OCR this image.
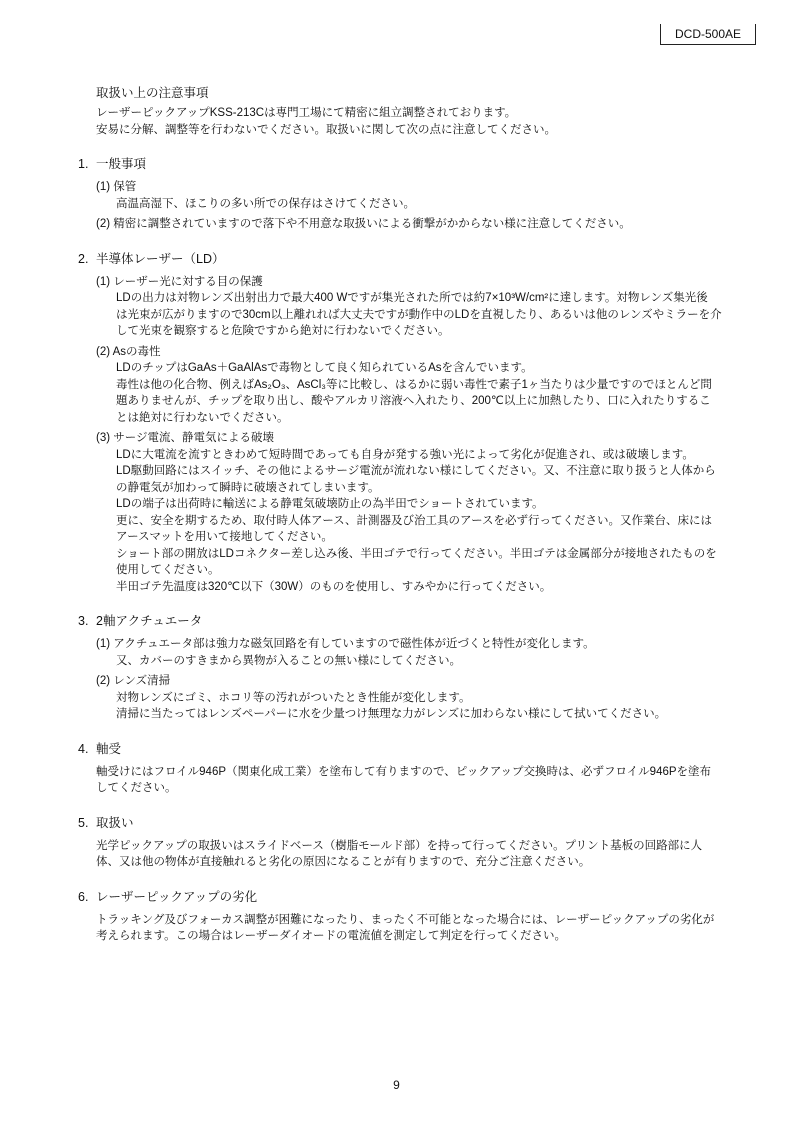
DCD-500AE
取扱い上の注意事項
レーザーピックアップKSS-213Cは専門工場にて精密に組立調整されております。
安易に分解、調整等を行わないでください。取扱いに関して次の点に注意してください。
1. 一般事項
(1) 保管
高温高湿下、ほこりの多い所での保存はさけてください。
(2) 精密に調整されていますので落下や不用意な取扱いによる衝撃がかからない様に注意してください。
2. 半導体レーザー（LD）
(1) レーザー光に対する目の保護
LDの出力は対物レンズ出射出力で最大400 Wですが集光された所では約7×10³W/cm²に達します。対物レンズ集光後
は光束が広がりますので30cm以上離れれば大丈夫ですが動作中のLDを直視したり、あるいは他のレンズやミラーを介
して光束を観察すると危険ですから絶対に行わないでください。
(2) Asの毒性
LDのチップはGaAs＋GaAlAsで毒物として良く知られているAsを含んでいます。
毒性は他の化合物、例えばAs₂O₃、AsCl₃等に比較し、はるかに弱い毒性で素子1ヶ当たりは少量ですのでほとんど問
題ありませんが、チップを取り出し、酸やアルカリ溶液へ入れたり、200℃以上に加熱したり、口に入れたりするこ
とは絶対に行わないでください。
(3) サージ電流、静電気による破壊
LDに大電流を流すときわめて短時間であっても自身が発する強い光によって劣化が促進され、或は破壊します。
LD駆動回路にはスイッチ、その他によるサージ電流が流れない様にしてください。又、不注意に取り扱うと人体から
の静電気が加わって瞬時に破壊されてしまいます。
LDの端子は出荷時に輸送による静電気破壊防止の為半田でショートされています。
更に、安全を期するため、取付時人体アース、計測器及び治工具のアースを必ず行ってください。又作業台、床には
アースマットを用いて接地してください。
ショート部の開放はLDコネクター差し込み後、半田ゴテで行ってください。半田ゴテは金属部分が接地されたものを
使用してください。
半田ゴテ先温度は320℃以下（30W）のものを使用し、すみやかに行ってください。
3. 2軸アクチュエータ
(1) アクチュエータ部は強力な磁気回路を有していますので磁性体が近づくと特性が変化します。
又、カバーのすきまから異物が入ることの無い様にしてください。
(2) レンズ清掃
対物レンズにゴミ、ホコリ等の汚れがついたとき性能が変化します。
清掃に当たってはレンズペーパーに水を少量つけ無理な力がレンズに加わらない様にして拭いてください。
4. 軸受
軸受けにはフロイル946P（関東化成工業）を塗布して有りますので、ピックアップ交換時は、必ずフロイル946Pを塗布
してください。
5. 取扱い
光学ピックアップの取扱いはスライドベース（樹脂モールド部）を持って行ってください。プリント基板の回路部に人
体、又は他の物体が直接触れると劣化の原因になることが有りますので、充分ご注意ください。
6. レーザーピックアップの劣化
トラッキング及びフォーカス調整が困難になったり、まったく不可能となった場合には、レーザーピックアップの劣化が
考えられます。この場合はレーザーダイオードの電流値を測定して判定を行ってください。
9
